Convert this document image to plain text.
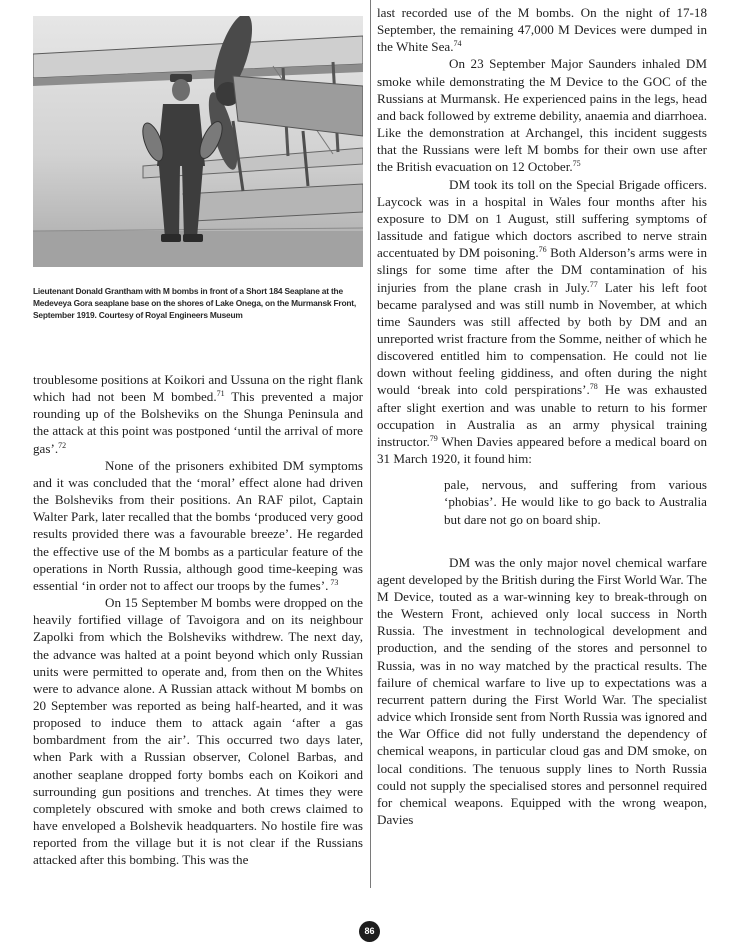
Lieutenant Donald Grantham with M bombs in front of a Short 184 Seaplane at the Medeveya Gora seaplane base on the shores of Lake Onega, on the Murmansk Front, September 1919. Courtesy of Royal Engineers Museum

troublesome positions at Koikori and Ussuna on the right flank which had not been M bombed.$^{71}$ This prevented a major rounding up of the Bolsheviks on the Shunga Peninsula and the attack at this point was postponed ‘until the arrival of more gas’.$^{72}$

None of the prisoners exhibited DM symptoms and it was concluded that the ‘moral’ effect alone had driven the Bolsheviks from their positions. An RAF pilot, Captain Walter Park, later recalled that the bombs ‘produced very good results provided there was a favourable breeze’. He regarded the effective use of the M bombs as a particular feature of the operations in North Russia, although good time-keeping was essential ‘in order not to affect our troops by the fumes’. $^{73}$

On 15 September M bombs were dropped on the heavily fortified village of Tavoigora and on its neighbour Zapolki from which the Bolsheviks withdrew. The next day, the advance was halted at a point beyond which only Russian units were permitted to operate and, from then on the Whites were to advance alone. A Russian attack without M bombs on 20 September was reported as being half-hearted, and it was proposed to induce them to attack again ‘after a gas bombardment from the air’. This occurred two days later, when Park with a Russian observer, Colonel Barbas, and another seaplane dropped forty bombs each on Koikori and surrounding gun positions and trenches. At times they were completely obscured with smoke and both crews claimed to have enveloped a Bolshevik headquarters. No hostile fire was reported from the village but it is not clear if the Russians attacked after this bombing. This was the

last recorded use of the M bombs. On the night of 17-18 September, the remaining 47,000 M Devices were dumped in the White Sea.$^{74}$

On 23 September Major Saunders inhaled DM smoke while demonstrating the M Device to the GOC of the Russians at Murmansk. He experienced pains in the legs, head and back followed by extreme debility, anaemia and diarrhoea. Like the demonstration at Archangel, this incident suggests that the Russians were left M bombs for their own use after the British evacuation on 12 October.$^{75}$

DM took its toll on the Special Brigade officers. Laycock was in a hospital in Wales four months after his exposure to DM on 1 August, still suffering symptoms of lassitude and fatigue which doctors ascribed to nerve strain accentuated by DM poisoning.$^{76}$ Both Alderson’s arms were in slings for some time after the DM contamination of his injuries from the plane crash in July.$^{77}$ Later his left foot became paralysed and was still numb in November, at which time Saunders was still affected by both by DM and an unreported wrist fracture from the Somme, neither of which he discovered entitled him to compensation. He could not lie down without feeling giddiness, and often during the night would ‘break into cold perspirations’.$^{78}$ He was exhausted after slight exertion and was unable to return to his former occupation in Australia as an army physical training instructor.$^{79}$ When Davies appeared before a medical board on 31 March 1920, it found him:

pale, nervous, and suffering from various ‘phobias’. He would like to go back to Australia but dare not go on board ship.

DM was the only major novel chemical warfare agent developed by the British during the First World War. The M Device, touted as a war-winning key to break-through on the Western Front, achieved only local success in North Russia. The investment in technological development and production, and the sending of the stores and personnel to Russia, was in no way matched by the practical results. The failure of chemical warfare to live up to expectations was a recurrent pattern during the First World War. The specialist advice which Ironside sent from North Russia was ignored and the War Office did not fully understand the dependency of chemical weapons, in particular cloud gas and DM smoke, on local conditions. The tenuous supply lines to North Russia could not supply the specialised stores and personnel required for chemical weapons. Equipped with the wrong weapon, Davies

86
